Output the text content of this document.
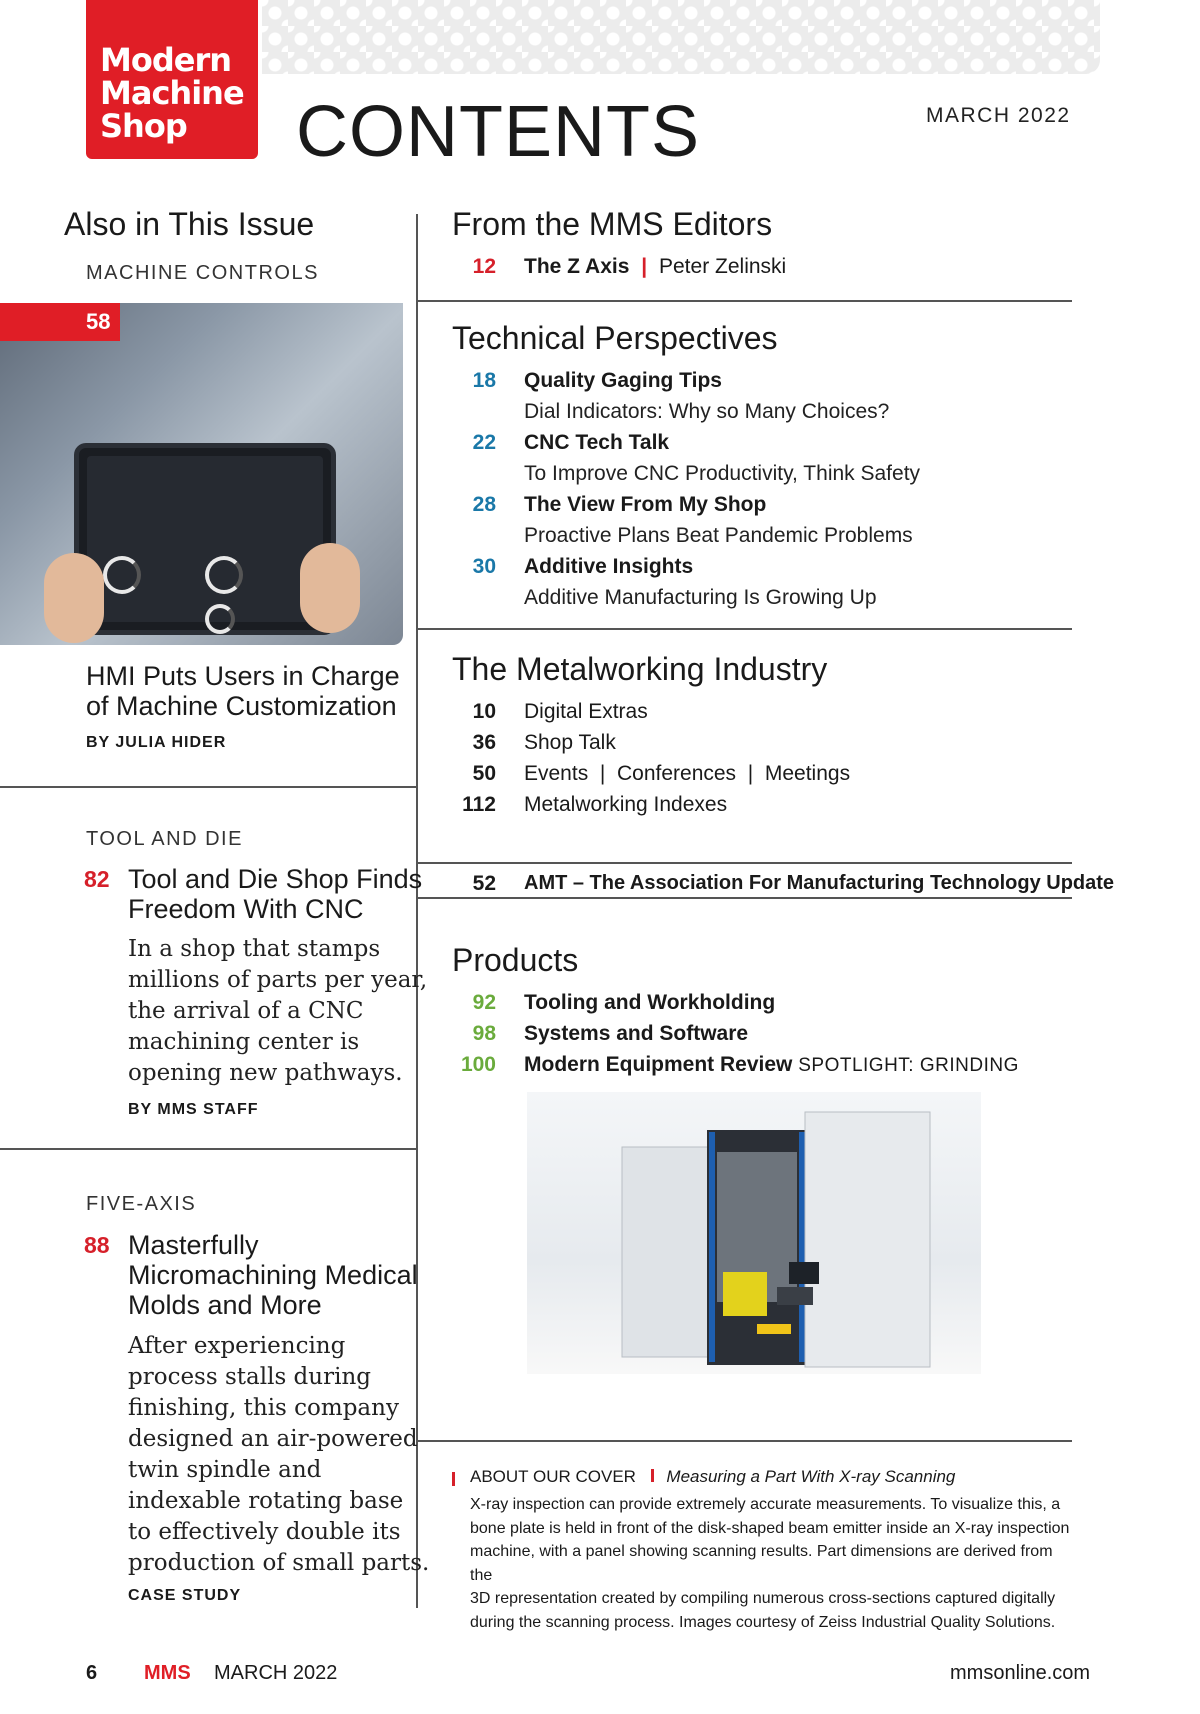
Modern
Machine
Shop	CONTENTS	MARCH 2022
Also in This Issue
MACHINE CONTROLS
58
HMI Puts Users in Charge
of Machine Customization
BY JULIA HIDER
TOOL AND DIE
82 Tool and Die Shop Finds
Freedom With CNC
In a shop that stamps
millions of parts per year,
the arrival of a CNC
machining center is
opening new pathways.
BY MMS STAFF
FIVE-AXIS
88 Masterfully
Micromachining Medical
Molds and More
After experiencing
process stalls during
finishing, this company
designed an air-powered
twin spindle and
indexable rotating base
to effectively double its
production of small parts.
CASE STUDY
From the MMS Editors
12 The Z Axis | Peter Zelinski
Technical Perspectives
18 Quality Gaging Tips
Dial Indicators: Why so Many Choices?
22 CNC Tech Talk
To Improve CNC Productivity, Think Safety
28 The View From My Shop
Proactive Plans Beat Pandemic Problems
30 Additive Insights
Additive Manufacturing Is Growing Up
The Metalworking Industry
10 Digital Extras
36 Shop Talk
50 Events  |  Conferences  |  Meetings
112 Metalworking Indexes
52 AMT – The Association For Manufacturing Technology Update
Products
92 Tooling and Workholding
98 Systems and Software
100 Modern Equipment Review SPOTLIGHT: GRINDING
ABOUT OUR COVER Measuring a Part With X-ray Scanning
X-ray inspection can provide extremely accurate measurements. To visualize this, a
bone plate is held in front of the disk-shaped beam emitter inside an X-ray inspection
machine, with a panel showing scanning results. Part dimensions are derived from the
3D representation created by compiling numerous cross-sections captured digitally
during the scanning process. Images courtesy of Zeiss Industrial Quality Solutions.
6 MMS MARCH 2022	mmsonline.com
